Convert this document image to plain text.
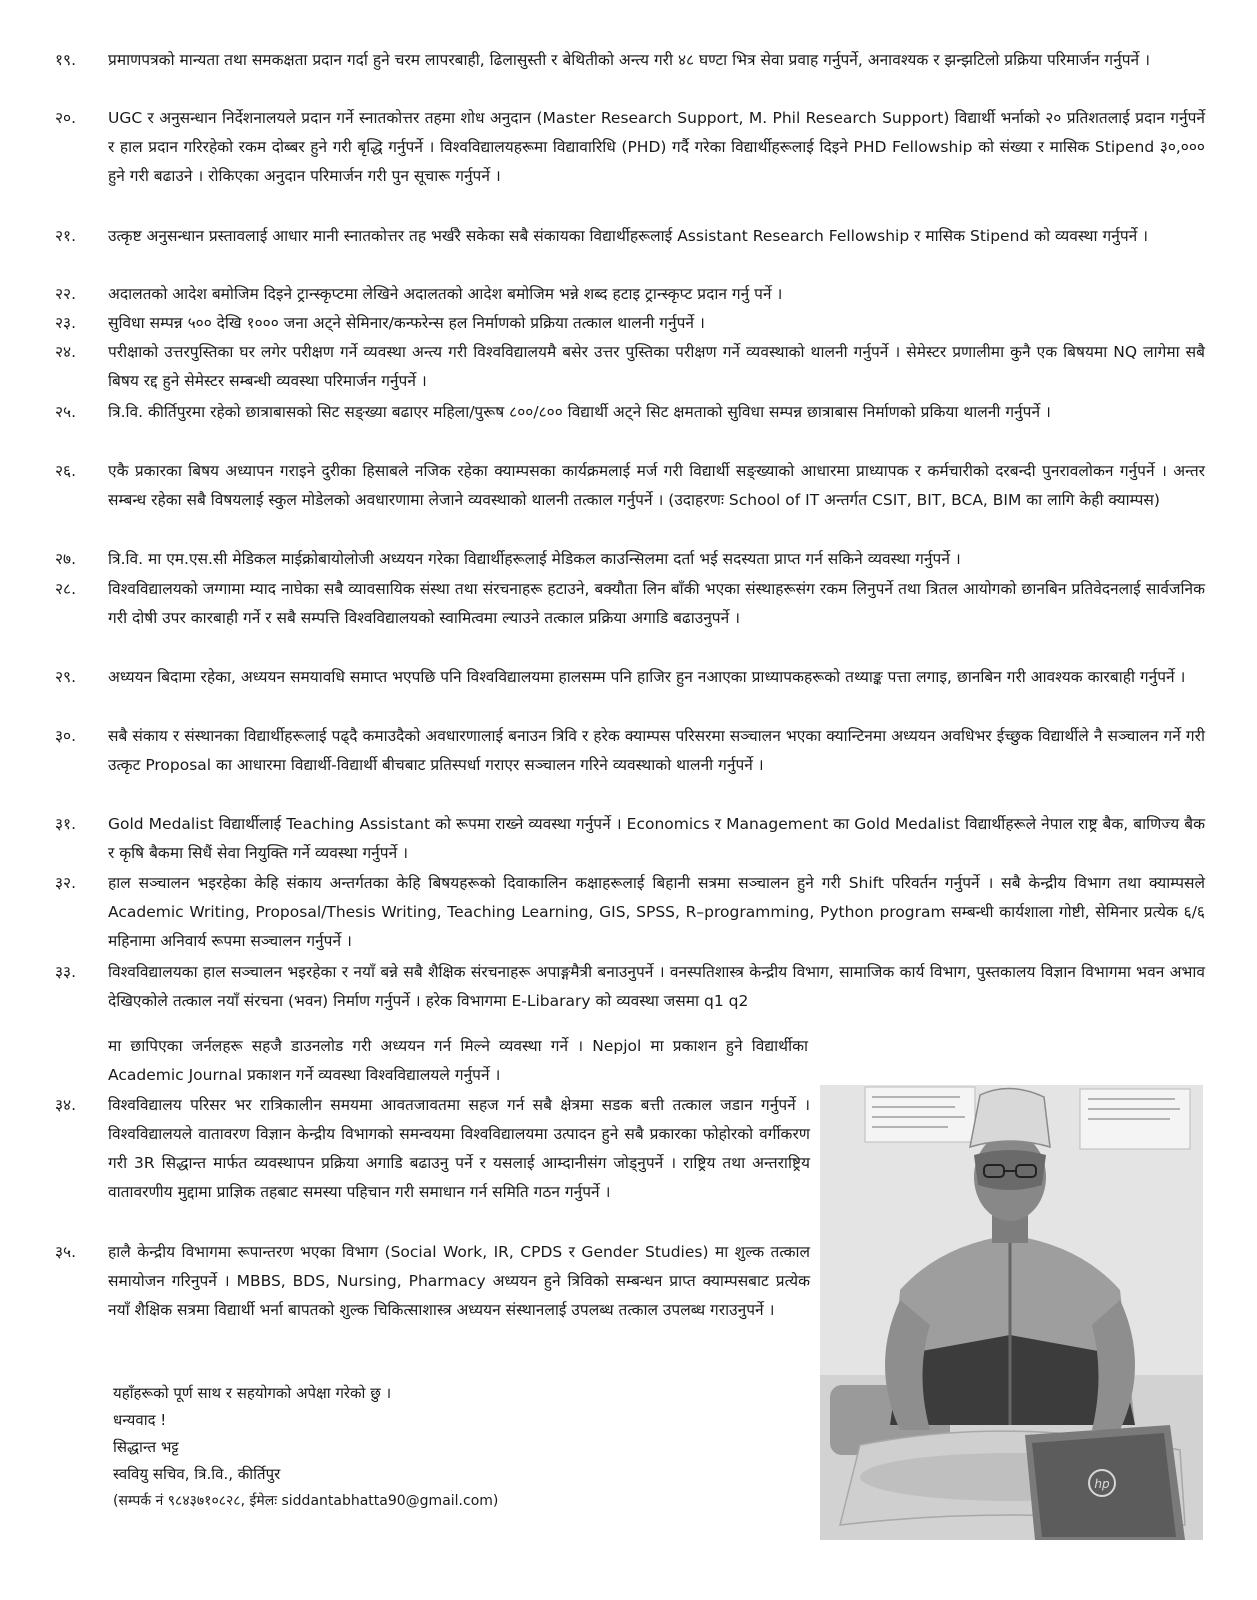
१९.	प्रमाणपत्रको मान्यता तथा समकक्षता प्रदान गर्दा हुने चरम लापरबाही, ढिलासुस्ती र बेथितीको अन्त्य गरी ४८ घण्टा भित्र सेवा प्रवाह गर्नुपर्ने, अनावश्यक र झन्झटिलो प्रक्रिया परिमार्जन गर्नुपर्ने ।
२०.	UGC र अनुसन्धान निर्देशनालयले प्रदान गर्ने स्नातकोत्तर तहमा शोध अनुदान (Master Research Support, M. Phil Research Support) विद्यार्थी भर्नाको २० प्रतिशतलाई प्रदान गर्नुपर्ने र हाल प्रदान गरिरहेको रकम दोब्बर हुने गरी बृद्धि गर्नुपर्ने । विश्वविद्यालयहरूमा विद्यावारिधि (PHD) गर्दै गरेका विद्यार्थीहरूलाई दिइने PHD Fellowship को संख्या र मासिक Stipend ३०,००० हुने गरी बढाउने । रोकिएका अनुदान परिमार्जन गरी पुन सूचारू गर्नुपर्ने ।
२१.	उत्कृष्ट अनुसन्धान प्रस्तावलाई आधार मानी स्नातकोत्तर तह भर्खरै सकेका सबै संकायका विद्यार्थीहरूलाई Assistant Research Fellowship र मासिक Stipend को व्यवस्था गर्नुपर्ने ।
२२.	अदालतको आदेश बमोजिम दिइने ट्रान्स्कृप्टमा लेखिने अदालतको आदेश बमोजिम भन्ने शब्द हटाइ ट्रान्स्कृप्ट प्रदान गर्नु पर्ने ।
२३.	सुविधा सम्पन्न ५०० देखि १००० जना अट्ने सेमिनार/कन्फरेन्स हल निर्माणको प्रक्रिया तत्काल थालनी गर्नुपर्ने ।
२४.	परीक्षाको उत्तरपुस्तिका घर लगेर परीक्षण गर्ने व्यवस्था अन्त्य गरी विश्वविद्यालयमै बसेर उत्तर पुस्तिका परीक्षण गर्ने व्यवस्थाको थालनी गर्नुपर्ने । सेमेस्टर प्रणालीमा कुनै एक बिषयमा NQ लागेमा सबै बिषय रद्द हुने सेमेस्टर सम्बन्धी व्यवस्था परिमार्जन गर्नुपर्ने ।
२५.	त्रि.वि. कीर्तिपुरमा रहेको छात्राबासको सिट सङ्ख्या बढाएर महिला/पुरूष ८००/८०० विद्यार्थी अट्ने सिट क्षमताको सुविधा सम्पन्न छात्राबास निर्माणको प्रकिया थालनी गर्नुपर्ने ।
२६.	एकै प्रकारका बिषय अध्यापन गराइने दुरीका हिसाबले नजिक रहेका क्याम्पसका कार्यक्रमलाई मर्ज गरी विद्यार्थी सङ्ख्याको आधारमा प्राध्यापक र कर्मचारीको दरबन्दी पुनरावलोकन गर्नुपर्ने । अन्तर सम्बन्ध रहेका सबै विषयलाई स्कुल मोडेलको अवधारणामा लेजाने व्यवस्थाको थालनी तत्काल गर्नुपर्ने । (उदाहरणः School of IT अन्तर्गत CSIT, BIT, BCA, BIM का लागि केही क्याम्पस)
२७.	त्रि.वि. मा एम.एस.सी मेडिकल माईक्रोबायोलोजी अध्ययन गरेका विद्यार्थीहरूलाई मेडिकल काउन्सिलमा दर्ता भई सदस्यता प्राप्त गर्न सकिने व्यवस्था गर्नुपर्ने ।
२८.	विश्वविद्यालयको जग्गामा म्याद नाघेका सबै व्यावसायिक संस्था तथा संरचनाहरू हटाउने, बक्यौता लिन बाँकी भएका संस्थाहरूसंग रकम लिनुपर्ने तथा त्रितल आयोगको छानबिन प्रतिवेदनलाई सार्वजनिक गरी दोषी उपर कारबाही गर्ने र सबै सम्पत्ति विश्वविद्यालयको स्वामित्वमा ल्याउने तत्काल प्रक्रिया अगाडि बढाउनुपर्ने ।
२९.	अध्ययन बिदामा रहेका, अध्ययन समयावधि समाप्त भएपछि पनि विश्वविद्यालयमा हालसम्म पनि हाजिर हुन नआएका प्राध्यापकहरूको तथ्याङ्क पत्ता लगाइ, छानबिन गरी आवश्यक कारबाही गर्नुपर्ने ।
३०.	सबै संकाय र संस्थानका विद्यार्थीहरूलाई पढ्दै कमाउदैको अवधारणालाई बनाउन त्रिवि र हरेक क्याम्पस परिसरमा सञ्चालन भएका क्यान्टिनमा अध्ययन अवधिभर ईच्छुक विद्यार्थीले नै सञ्चालन गर्ने गरी उत्कृट Proposal का आधारमा विद्यार्थी-विद्यार्थी बीचबाट प्रतिस्पर्धा गराएर सञ्चालन गरिने व्यवस्थाको थालनी गर्नुपर्ने ।
३१.	Gold Medalist विद्यार्थीलाई Teaching Assistant को रूपमा राख्ने व्यवस्था गर्नुपर्ने । Economics र Management का Gold Medalist विद्यार्थीहरूले नेपाल राष्ट्र बैक, बाणिज्य बैक र कृषि बैकमा सिधैं सेवा नियुक्ति गर्ने व्यवस्था गर्नुपर्ने ।
३२.	हाल सञ्चालन भइरहेका केहि संकाय अन्तर्गतका केहि बिषयहरूको दिवाकालिन कक्षाहरूलाई बिहानी सत्रमा सञ्चालन हुने गरी Shift परिवर्तन गर्नुपर्ने । सबै केन्द्रीय विभाग तथा क्याम्पसले Academic Writing, Proposal/Thesis Writing, Teaching Learning, GIS, SPSS, R–programming, Python program सम्बन्धी कार्यशाला गोष्टी, सेमिनार प्रत्येक ६/६ महिनामा अनिवार्य रूपमा सञ्चालन गर्नुपर्ने ।
३३.	विश्वविद्यालयका हाल सञ्चालन भइरहेका र नयाँ बन्ने सबै शैक्षिक संरचनाहरू अपाङ्गमैत्री बनाउनुपर्ने । वनस्पतिशास्त्र केन्द्रीय विभाग, सामाजिक कार्य विभाग, पुस्तकालय विज्ञान विभागमा भवन अभाव देखिएकोले तत्काल नयाँ संरचना (भवन) निर्माण गर्नुपर्ने । हरेक विभागमा E-Libarary को व्यवस्था जसमा q1 q2
मा छापिएका जर्नलहरू सहजै डाउनलोड गरी अध्ययन गर्न मिल्ने व्यवस्था गर्ने । Nepjol मा प्रकाशन हुने विद्यार्थीका Academic Journal प्रकाशन गर्ने व्यवस्था विश्वविद्यालयले गर्नुपर्ने ।
३४.	विश्वविद्यालय परिसर भर रात्रिकालीन समयमा आवतजावतमा सहज गर्न सबै क्षेत्रमा सडक बत्ती तत्काल जडान गर्नुपर्ने । विश्वविद्यालयले वातावरण विज्ञान केन्द्रीय विभागको समन्वयमा विश्वविद्यालयमा उत्पादन हुने सबै प्रकारका फोहोरको वर्गीकरण गरी 3R सिद्धान्त मार्फत व्यवस्थापन प्रक्रिया अगाडि बढाउनु पर्ने र यसलाई आम्दानीसंग जोड्नुपर्ने । राष्ट्रिय तथा अन्तराष्ट्रिय वातावरणीय मुद्दामा प्राज्ञिक तहबाट समस्या पहिचान गरी समाधान गर्न समिति गठन गर्नुपर्ने ।
३५.	हालै केन्द्रीय विभागमा रूपान्तरण भएका विभाग (Social Work, IR, CPDS र Gender Studies) मा शुल्क तत्काल समायोजन गरिनुपर्ने । MBBS, BDS, Nursing, Pharmacy अध्ययन हुने त्रिविको सम्बन्धन प्राप्त क्याम्पसबाट प्रत्येक नयाँ शैक्षिक सत्रमा विद्यार्थी भर्ना बापतको शुल्क चिकित्साशास्त्र अध्ययन संस्थानलाई उपलब्ध तत्काल उपलब्ध गराउनुपर्ने ।
यहाँहरूको पूर्ण साथ र सहयोगको अपेक्षा गरेको छु ।
धन्यवाद !
सिद्धान्त भट्ट
स्ववियु सचिव, त्रि.वि., कीर्तिपुर
(सम्पर्क नं ९८४३७१०८२८, ईमेलः siddantabhatta90@gmail.com)
hp
